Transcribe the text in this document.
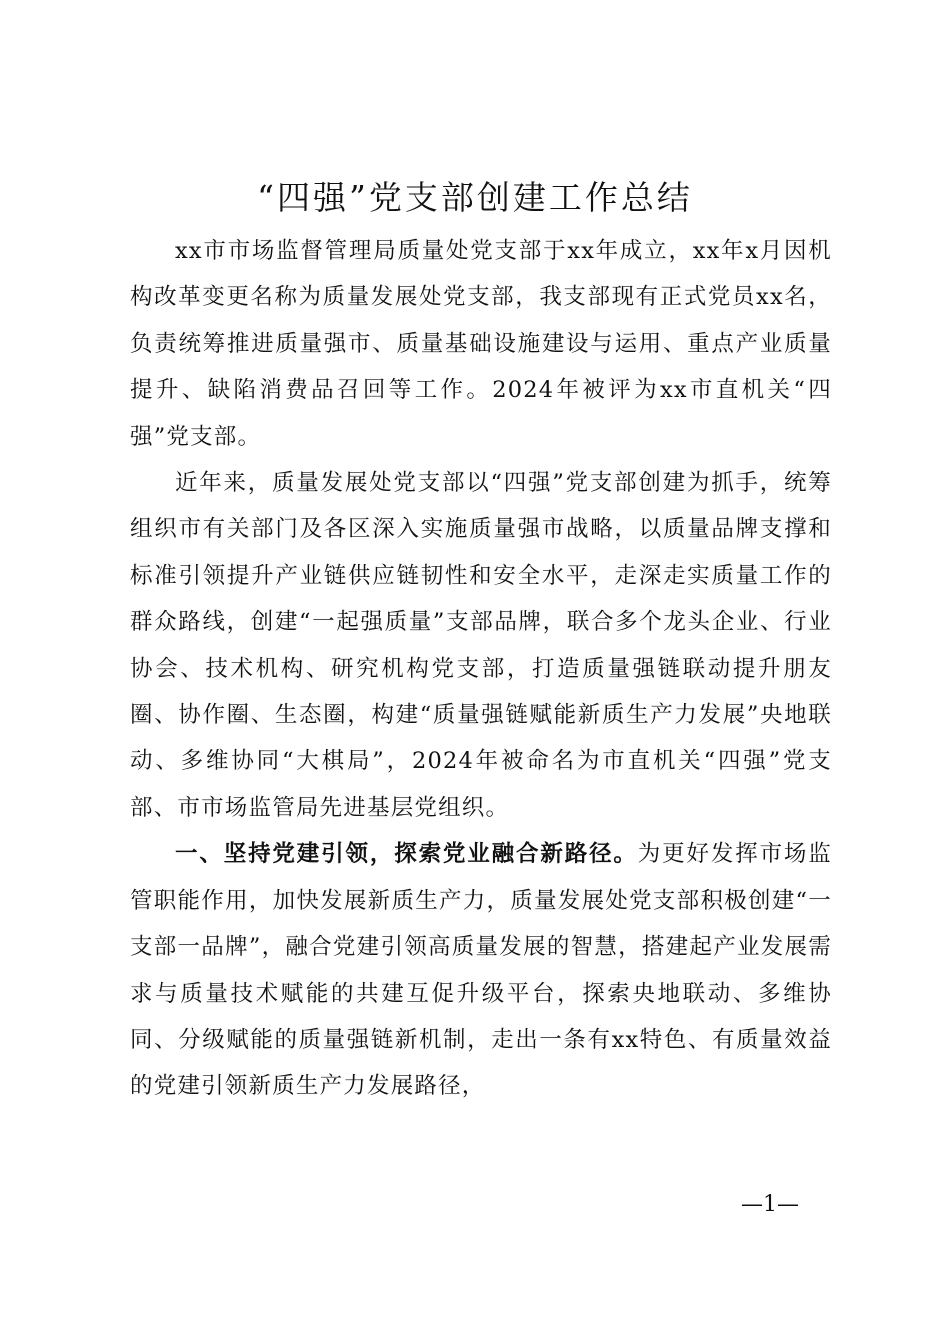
“四强”党支部创建工作总结

xx市市场监督管理局质量处党支部于xx年成立，xx年x月因机构改革变更名称为质量发展处党支部，我支部现有正式党员xx名，负责统筹推进质量强市、质量基础设施建设与运用、重点产业质量提升、缺陷消费品召回等工作。2024年被评为xx市直机关“四强”党支部。

近年来，质量发展处党支部以“四强”党支部创建为抓手，统筹组织市有关部门及各区深入实施质量强市战略，以质量品牌支撑和标准引领提升产业链供应链韧性和安全水平，走深走实质量工作的群众路线，创建“一起强质量”支部品牌，联合多个龙头企业、行业协会、技术机构、研究机构党支部，打造质量强链联动提升朋友圈、协作圈、生态圈，构建“质量强链赋能新质生产力发展”央地联动、多维协同“大棋局”，2024年被命名为市直机关“四强”党支部、市市场监管局先进基层党组织。

一、坚持党建引领，探索党业融合新路径。为更好发挥市场监管职能作用，加快发展新质生产力，质量发展处党支部积极创建“一支部一品牌”，融合党建引领高质量发展的智慧，搭建起产业发展需求与质量技术赋能的共建互促升级平台，探索央地联动、多维协同、分级赋能的质量强链新机制，走出一条有xx特色、有质量效益的党建引领新质生产力发展路径，

—1—
